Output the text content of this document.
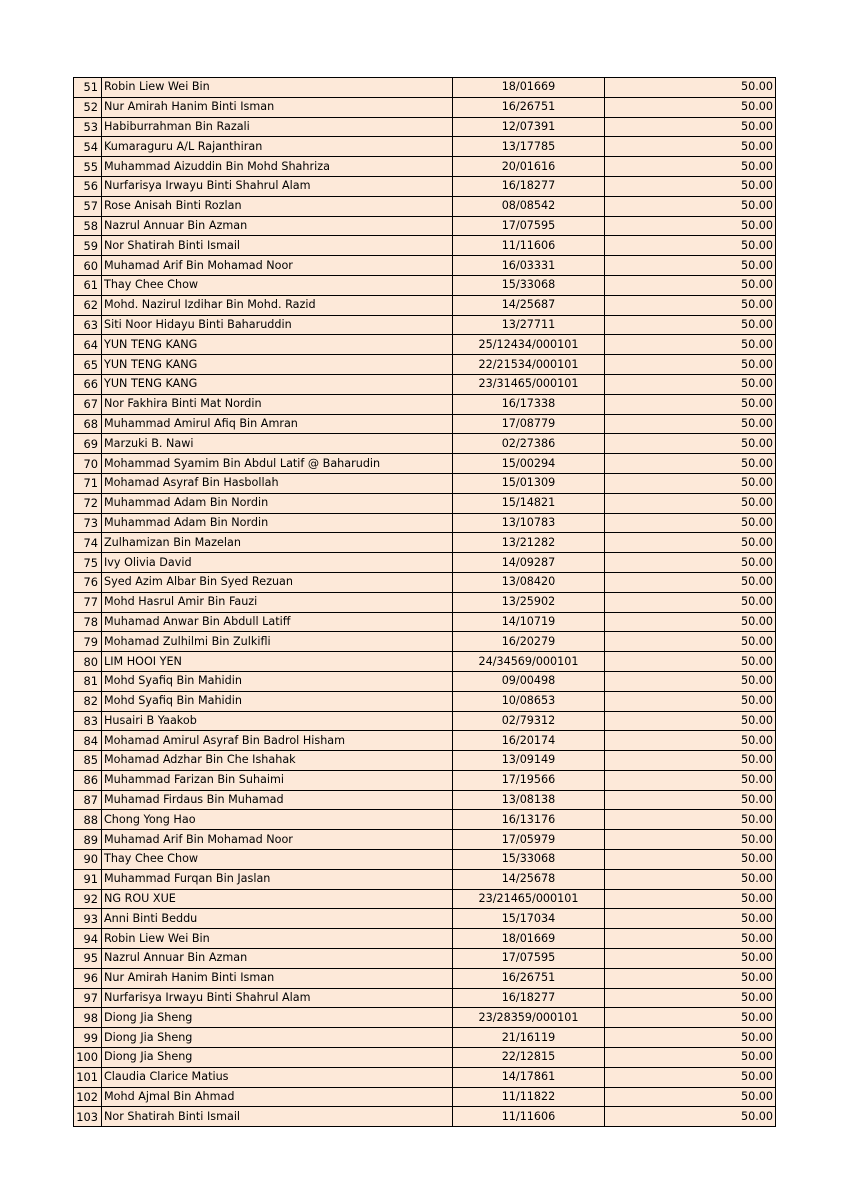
51	Robin Liew Wei Bin	18/01669	50.00
52	Nur Amirah Hanim Binti Isman	16/26751	50.00
53	Habiburrahman Bin Razali	12/07391	50.00
54	Kumaraguru A/L Rajanthiran	13/17785	50.00
55	Muhammad Aizuddin Bin Mohd Shahriza	20/01616	50.00
56	Nurfarisya Irwayu Binti Shahrul Alam	16/18277	50.00
57	Rose Anisah Binti Rozlan	08/08542	50.00
58	Nazrul Annuar Bin Azman	17/07595	50.00
59	Nor Shatirah Binti Ismail	11/11606	50.00
60	Muhamad Arif Bin Mohamad Noor	16/03331	50.00
61	Thay Chee Chow	15/33068	50.00
62	Mohd. Nazirul Izdihar Bin Mohd. Razid	14/25687	50.00
63	Siti Noor Hidayu Binti Baharuddin	13/27711	50.00
64	YUN TENG KANG	25/12434/000101	50.00
65	YUN TENG KANG	22/21534/000101	50.00
66	YUN TENG KANG	23/31465/000101	50.00
67	Nor Fakhira Binti Mat Nordin	16/17338	50.00
68	Muhammad Amirul Afiq Bin Amran	17/08779	50.00
69	Marzuki B. Nawi	02/27386	50.00
70	Mohammad Syamim Bin Abdul Latif @ Baharudin	15/00294	50.00
71	Mohamad Asyraf Bin Hasbollah	15/01309	50.00
72	Muhammad Adam Bin Nordin	15/14821	50.00
73	Muhammad Adam Bin Nordin	13/10783	50.00
74	Zulhamizan Bin Mazelan	13/21282	50.00
75	Ivy Olivia David	14/09287	50.00
76	Syed Azim Albar Bin Syed Rezuan	13/08420	50.00
77	Mohd Hasrul Amir Bin Fauzi	13/25902	50.00
78	Muhamad Anwar Bin Abdull Latiff	14/10719	50.00
79	Mohamad Zulhilmi Bin Zulkifli	16/20279	50.00
80	LIM HOOI YEN	24/34569/000101	50.00
81	Mohd Syafiq Bin Mahidin	09/00498	50.00
82	Mohd Syafiq Bin Mahidin	10/08653	50.00
83	Husairi B Yaakob	02/79312	50.00
84	Mohamad Amirul Asyraf Bin Badrol Hisham	16/20174	50.00
85	Mohamad Adzhar Bin Che Ishahak	13/09149	50.00
86	Muhammad Farizan Bin Suhaimi	17/19566	50.00
87	Muhamad Firdaus Bin Muhamad	13/08138	50.00
88	Chong Yong Hao	16/13176	50.00
89	Muhamad Arif Bin Mohamad Noor	17/05979	50.00
90	Thay Chee Chow	15/33068	50.00
91	Muhammad Furqan Bin Jaslan	14/25678	50.00
92	NG ROU XUE	23/21465/000101	50.00
93	Anni Binti Beddu	15/17034	50.00
94	Robin Liew Wei Bin	18/01669	50.00
95	Nazrul Annuar Bin Azman	17/07595	50.00
96	Nur Amirah Hanim Binti Isman	16/26751	50.00
97	Nurfarisya Irwayu Binti Shahrul Alam	16/18277	50.00
98	Diong Jia Sheng	23/28359/000101	50.00
99	Diong Jia Sheng	21/16119	50.00
100	Diong Jia Sheng	22/12815	50.00
101	Claudia Clarice Matius	14/17861	50.00
102	Mohd Ajmal Bin Ahmad	11/11822	50.00
103	Nor Shatirah Binti Ismail	11/11606	50.00
